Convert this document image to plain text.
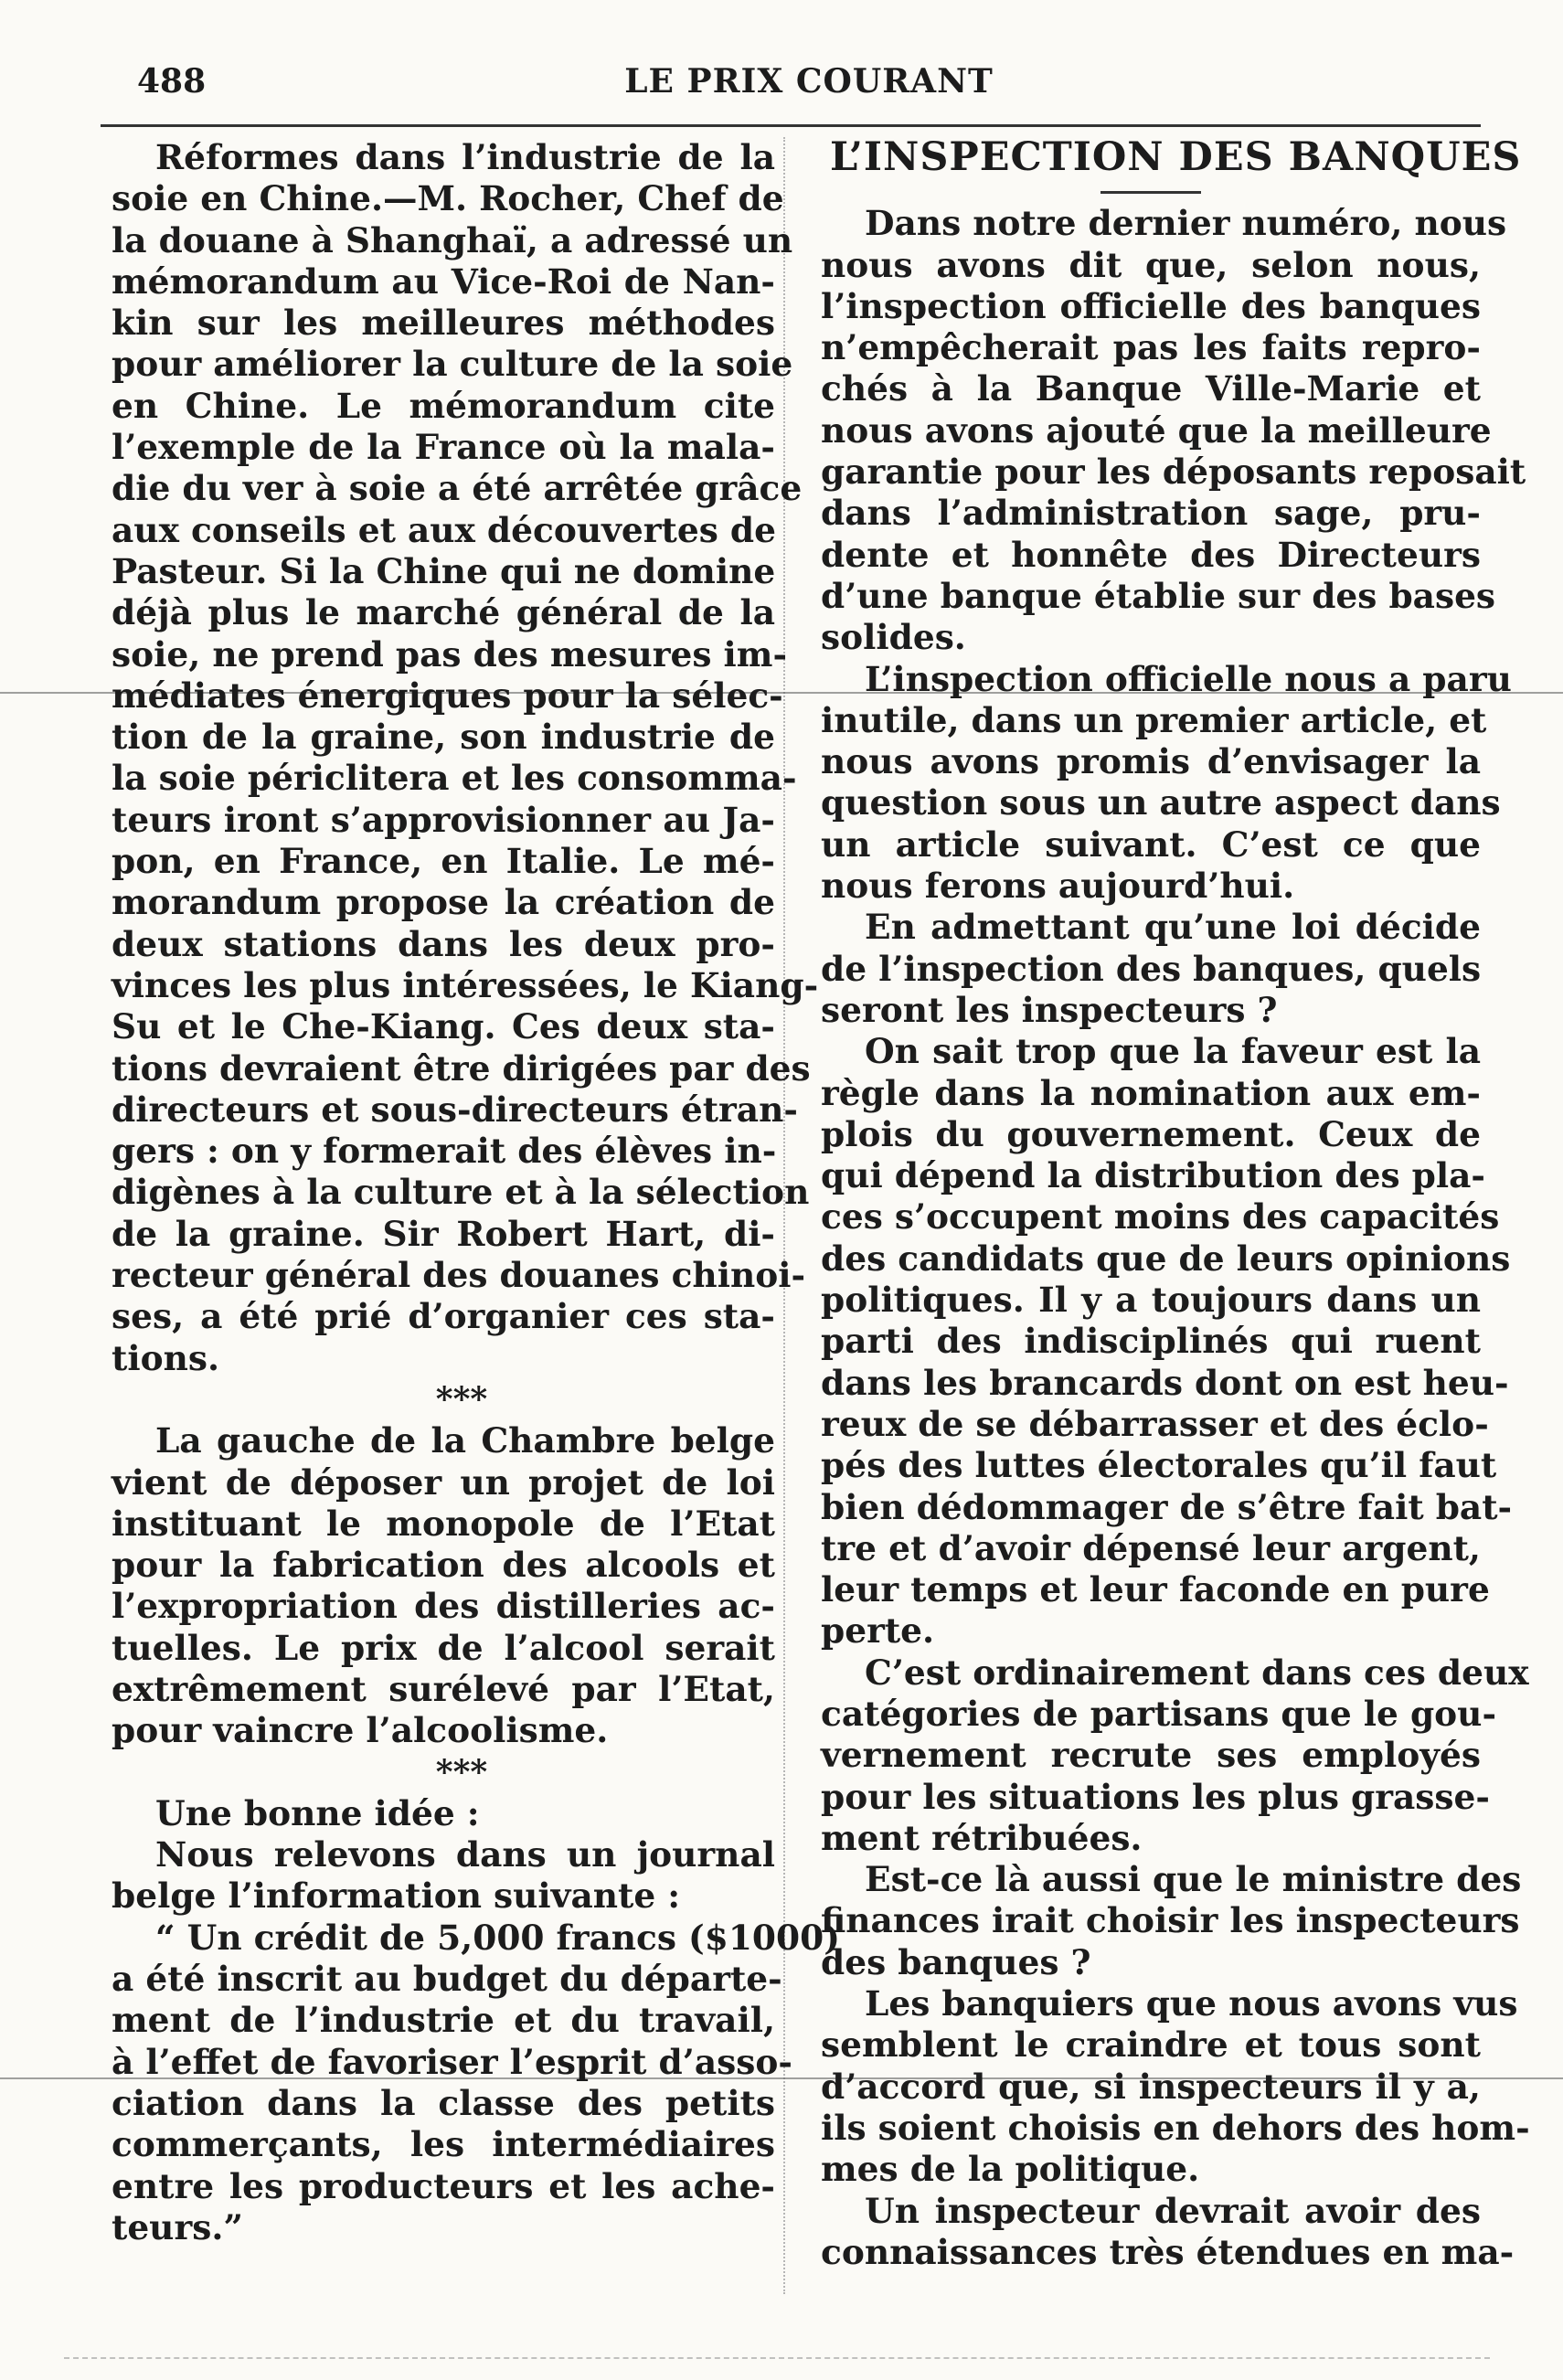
488	LE PRIX COURANT
Réformes dans l’industrie de la
soie en Chine.—M. Rocher, Chef de
la douane à Shanghaï, a adressé un
mémorandum au Vice-Roi de Nan-
kin sur les meilleures méthodes
pour améliorer la culture de la soie
en Chine. Le mémorandum cite
l’exemple de la France où la mala-
die du ver à soie a été arrêtée grâce
aux conseils et aux découvertes de
Pasteur. Si la Chine qui ne domine
déjà plus le marché général de la
soie, ne prend pas des mesures im-
médiates énergiques pour la sélec-
tion de la graine, son industrie de
la soie périclitera et les consomma-
teurs iront s’approvisionner au Ja-
pon, en France, en Italie. Le mé-
morandum propose la création de
deux stations dans les deux pro-
vinces les plus intéressées, le Kiang-
Su et le Che-Kiang. Ces deux sta-
tions devraient être dirigées par des
directeurs et sous-directeurs étran-
gers : on y formerait des élèves in-
digènes à la culture et à la sélection
de la graine. Sir Robert Hart, di-
recteur général des douanes chinoi-
ses, a été prié d’organier ces sta-
tions.
***
La gauche de la Chambre belge
vient de déposer un projet de loi
instituant le monopole de l’Etat
pour la fabrication des alcools et
l’expropriation des distilleries ac-
tuelles. Le prix de l’alcool serait
extrêmement surélevé par l’Etat,
pour vaincre l’alcoolisme.
***
Une bonne idée :
Nous relevons dans un journal
belge l’information suivante :
“ Un crédit de 5,000 francs ($1000)
a été inscrit au budget du départe-
ment de l’industrie et du travail,
à l’effet de favoriser l’esprit d’asso-
ciation dans la classe des petits
commerçants, les intermédiaires
entre les producteurs et les ache-
teurs.”
L’INSPECTION DES BANQUES
Dans notre dernier numéro, nous
nous avons dit que, selon nous,
l’inspection officielle des banques
n’empêcherait pas les faits repro-
chés à la Banque Ville-Marie et
nous avons ajouté que la meilleure
garantie pour les déposants reposait
dans l’administration sage, pru-
dente et honnête des Directeurs
d’une banque établie sur des bases
solides.
L’inspection officielle nous a paru
inutile, dans un premier article, et
nous avons promis d’envisager la
question sous un autre aspect dans
un article suivant. C’est ce que
nous ferons aujourd’hui.
En admettant qu’une loi décide
de l’inspection des banques, quels
seront les inspecteurs ?
On sait trop que la faveur est la
règle dans la nomination aux em-
plois du gouvernement. Ceux de
qui dépend la distribution des pla-
ces s’occupent moins des capacités
des candidats que de leurs opinions
politiques. Il y a toujours dans un
parti des indisciplinés qui ruent
dans les brancards dont on est heu-
reux de se débarrasser et des éclo-
pés des luttes électorales qu’il faut
bien dédommager de s’être fait bat-
tre et d’avoir dépensé leur argent,
leur temps et leur faconde en pure
perte.
C’est ordinairement dans ces deux
catégories de partisans que le gou-
vernement recrute ses employés
pour les situations les plus grasse-
ment rétribuées.
Est-ce là aussi que le ministre des
finances irait choisir les inspecteurs
des banques ?
Les banquiers que nous avons vus
semblent le craindre et tous sont
d’accord que, si inspecteurs il y a,
ils soient choisis en dehors des hom-
mes de la politique.
Un inspecteur devrait avoir des
connaissances très étendues en ma-
